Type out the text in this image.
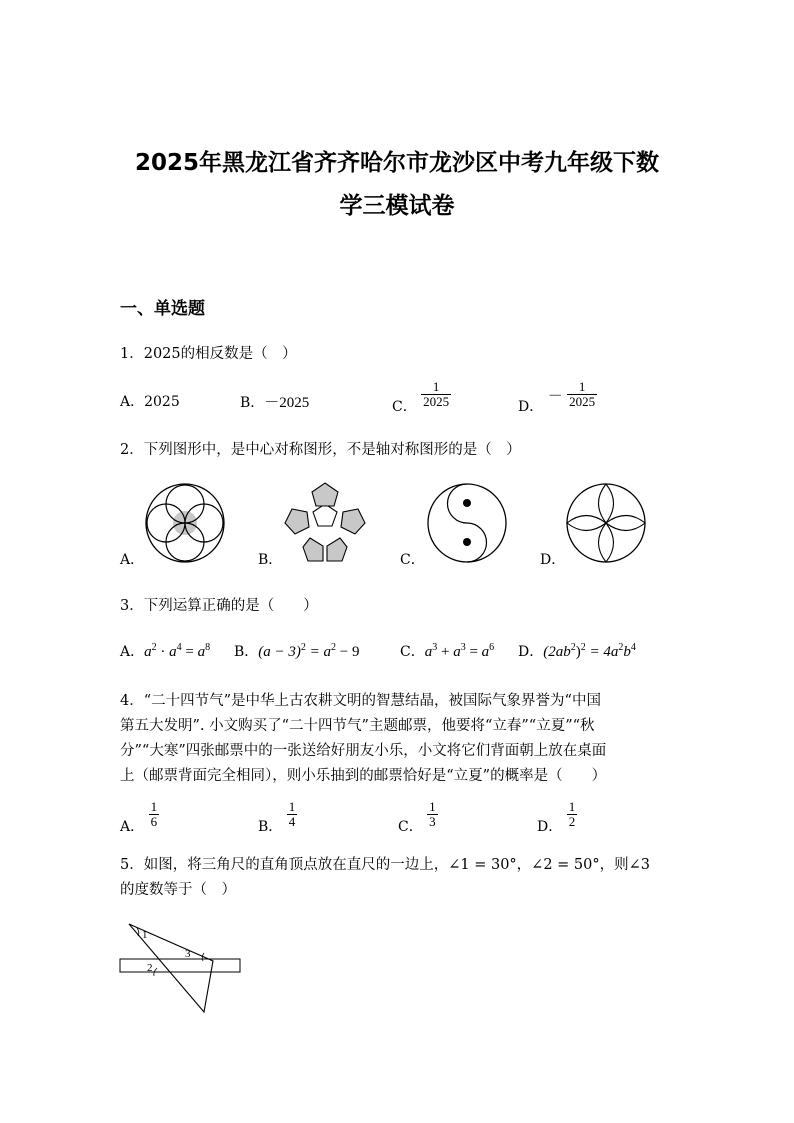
2025年黑龙江省齐齐哈尔市龙沙区中考九年级下数
学三模试卷
一、单选题
1．2025的相反数是（　）
A．2025	B．－2025	C． $\frac{1}{2025}$	D． － $\frac{1}{2025}$
2．下列图形中，是中心对称图形，不是轴对称图形的是（　）
A．	B．	C．	D．
3．下列运算正确的是（　　）
A．$a^2 \cdot a^4 = a^8$ B．$(a - 3)^2 = a^2 - 9$	C．$a^3 + a^3 = a^6$ D．$(2ab^2)^2 = 4a^2b^4$
4．“二十四节气”是中华上古农耕文明的智慧结晶，被国际气象界誉为“中国
第五大发明”. 小文购买了“二十四节气”主题邮票，他要将“立春”“立夏”“秋
分”“大寒”四张邮票中的一张送给好朋友小乐，小文将它们背面朝上放在桌面
上（邮票背面完全相同），则小乐抽到的邮票恰好是“立夏”的概率是（　　）
A． $\frac{1}{6}$	B． $\frac{1}{4}$	C． $\frac{1}{3}$	D． $\frac{1}{2}$
5．如图，将三角尺的直角顶点放在直尺的一边上，∠1 = 30°，∠2 = 50°，则∠3
的度数等于（　）
1
2
3
